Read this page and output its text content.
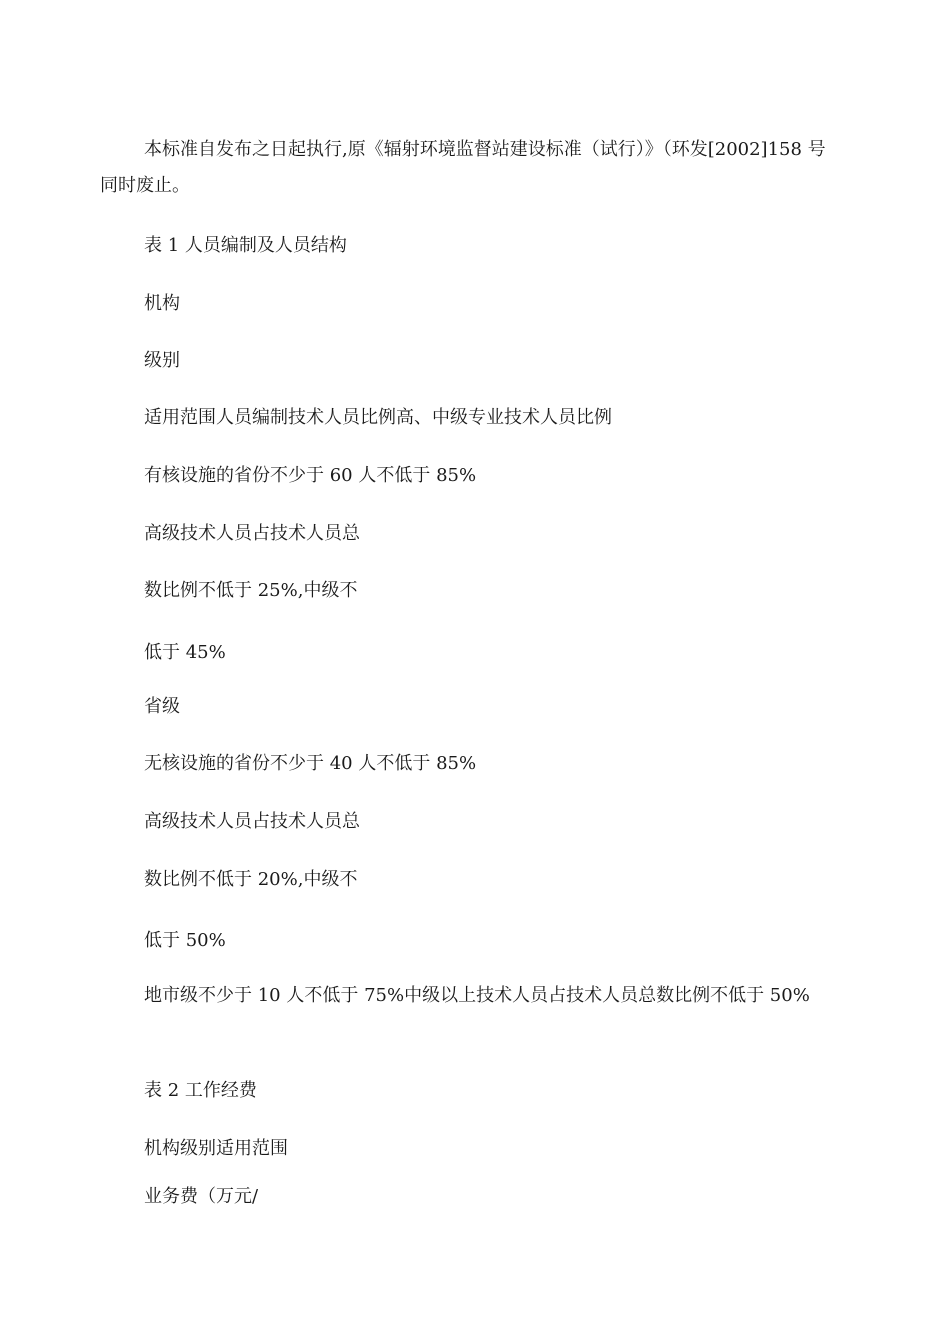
本标准自发布之日起执行,原《辐射环境监督站建设标准（试行）》（环发[2002]158 号同时废止。

表 1 人员编制及人员结构

机构

级别

适用范围人员编制技术人员比例高、中级专业技术人员比例

有核设施的省份不少于 60 人不低于 85%

高级技术人员占技术人员总

数比例不低于 25%,中级不

低于 45%

省级

无核设施的省份不少于 40 人不低于 85%

高级技术人员占技术人员总

数比例不低于 20%,中级不

低于 50%

地市级不少于 10 人不低于 75%中级以上技术人员占技术人员总数比例不低于 50%

表 2 工作经费

机构级别适用范围

业务费（万元/
